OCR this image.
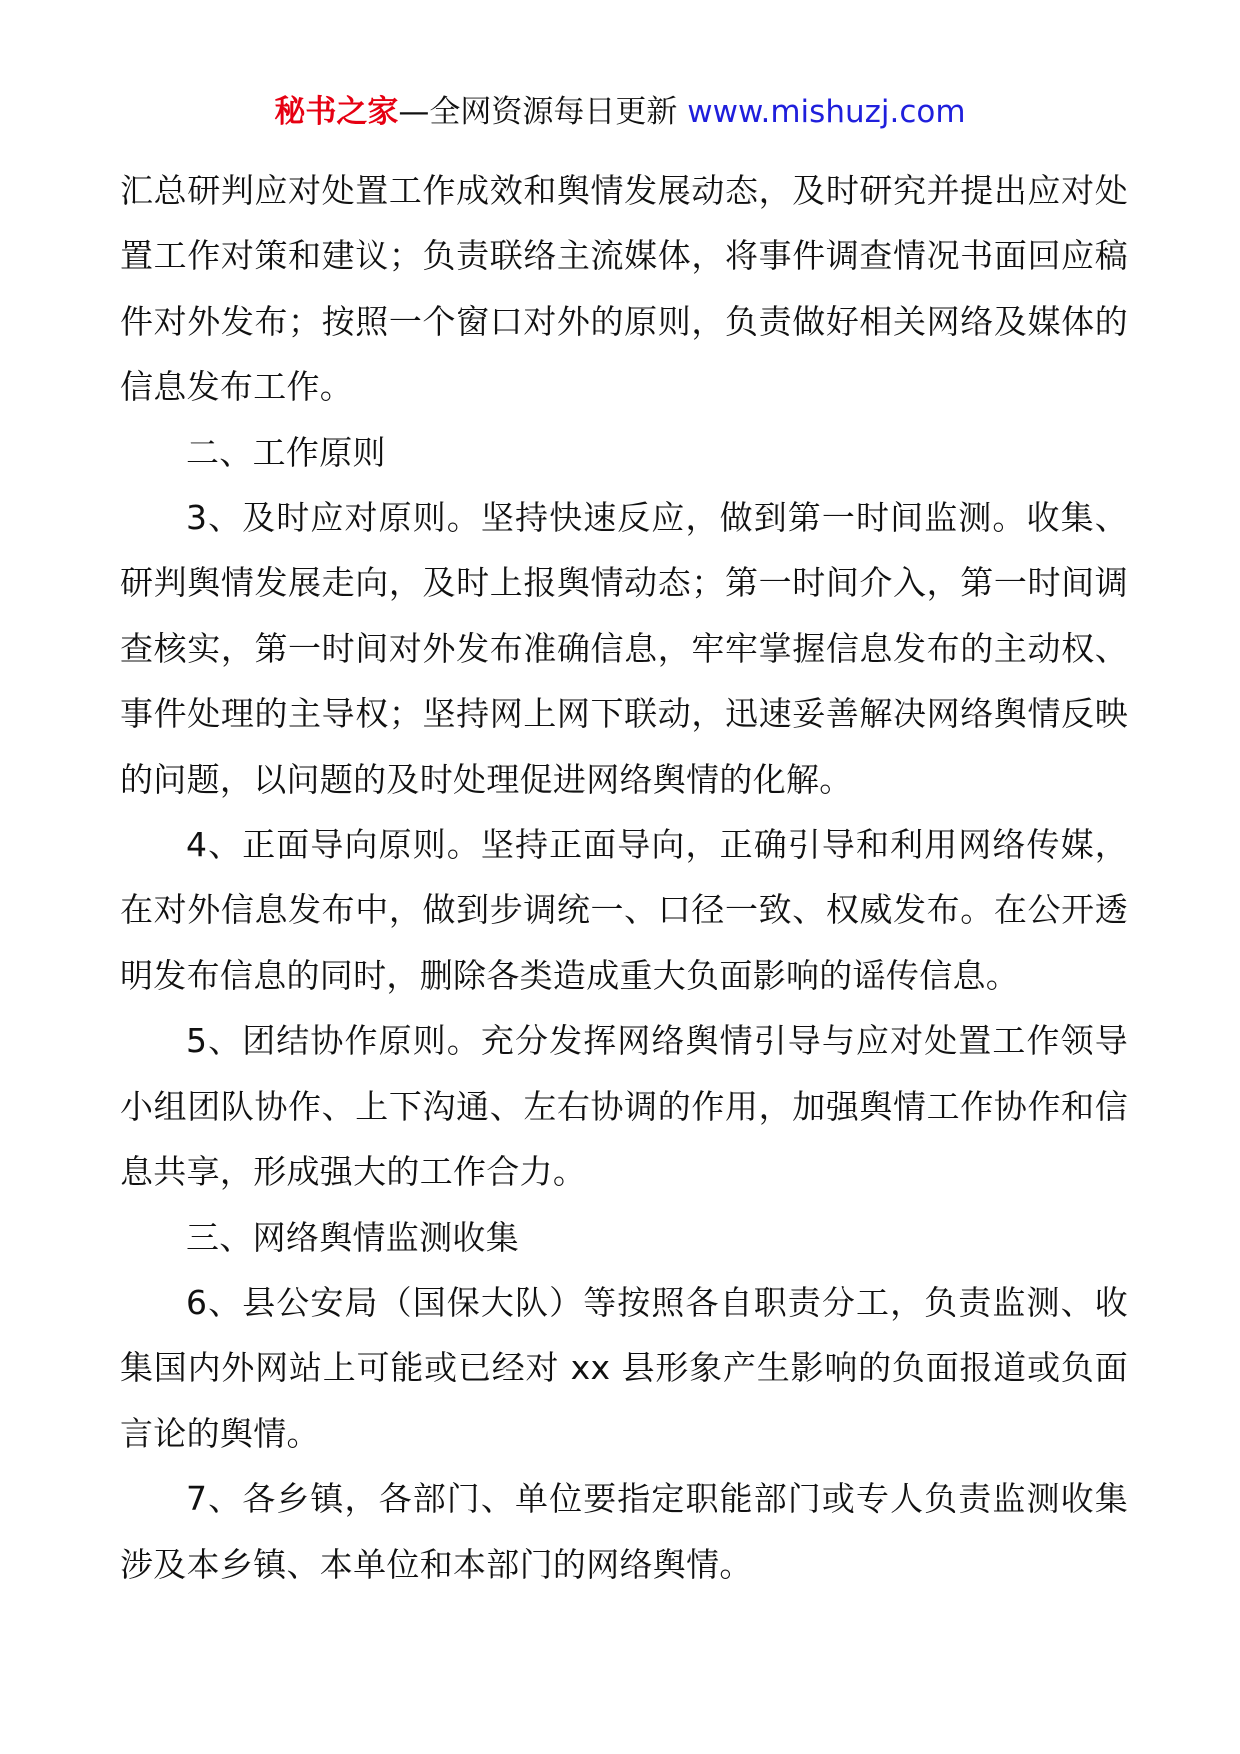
秘书之家—全网资源每日更新 www.mishuzj.com

汇总研判应对处置工作成效和舆情发展动态，及时研究并提出应对处置工作对策和建议；负责联络主流媒体，将事件调查情况书面回应稿件对外发布；按照一个窗口对外的原则，负责做好相关网络及媒体的信息发布工作。

二、工作原则

3、及时应对原则。坚持快速反应，做到第一时间监测。收集、研判舆情发展走向，及时上报舆情动态；第一时间介入，第一时间调查核实，第一时间对外发布准确信息，牢牢掌握信息发布的主动权、事件处理的主导权；坚持网上网下联动，迅速妥善解决网络舆情反映的问题，以问题的及时处理促进网络舆情的化解。

4、正面导向原则。坚持正面导向，正确引导和利用网络传媒，在对外信息发布中，做到步调统一、口径一致、权威发布。在公开透明发布信息的同时，删除各类造成重大负面影响的谣传信息。

5、团结协作原则。充分发挥网络舆情引导与应对处置工作领导小组团队协作、上下沟通、左右协调的作用，加强舆情工作协作和信息共享，形成强大的工作合力。

三、网络舆情监测收集

6、县公安局（国保大队）等按照各自职责分工，负责监测、收集国内外网站上可能或已经对 xx 县形象产生影响的负面报道或负面言论的舆情。

7、各乡镇，各部门、单位要指定职能部门或专人负责监测收集涉及本乡镇、本单位和本部门的网络舆情。
